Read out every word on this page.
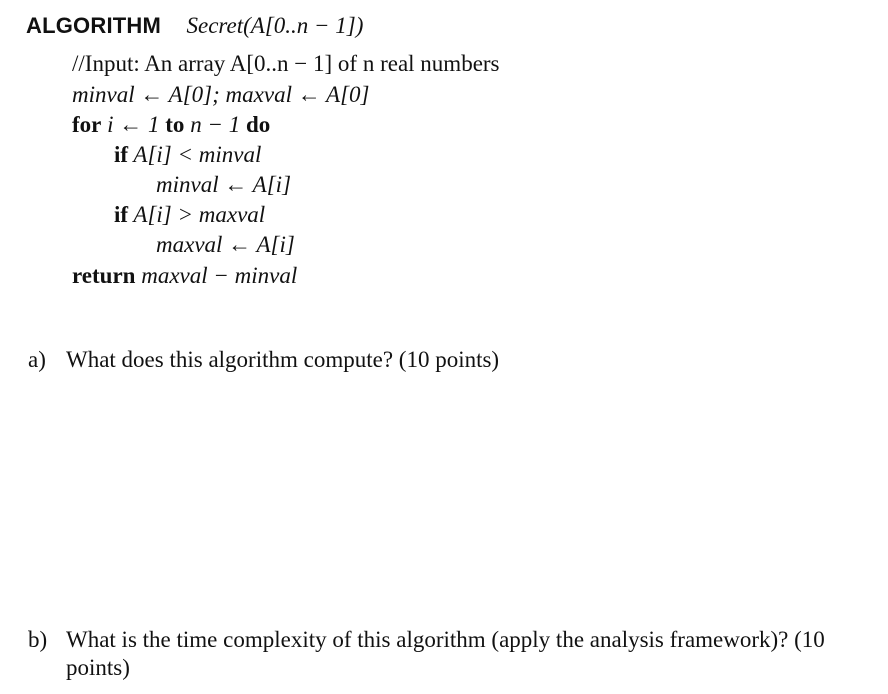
ALGORITHM Secret(A[0..n − 1])
//Input: An array A[0..n − 1] of n real numbers
minval ← A[0]; maxval ← A[0]
for i ← 1 to n − 1 do
if A[i] < minval
minval ← A[i]
if A[i] > maxval
maxval ← A[i]
return maxval − minval
a) What does this algorithm compute? (10 points)
b) What is the time complexity of this algorithm (apply the analysis framework)? (10
points)
